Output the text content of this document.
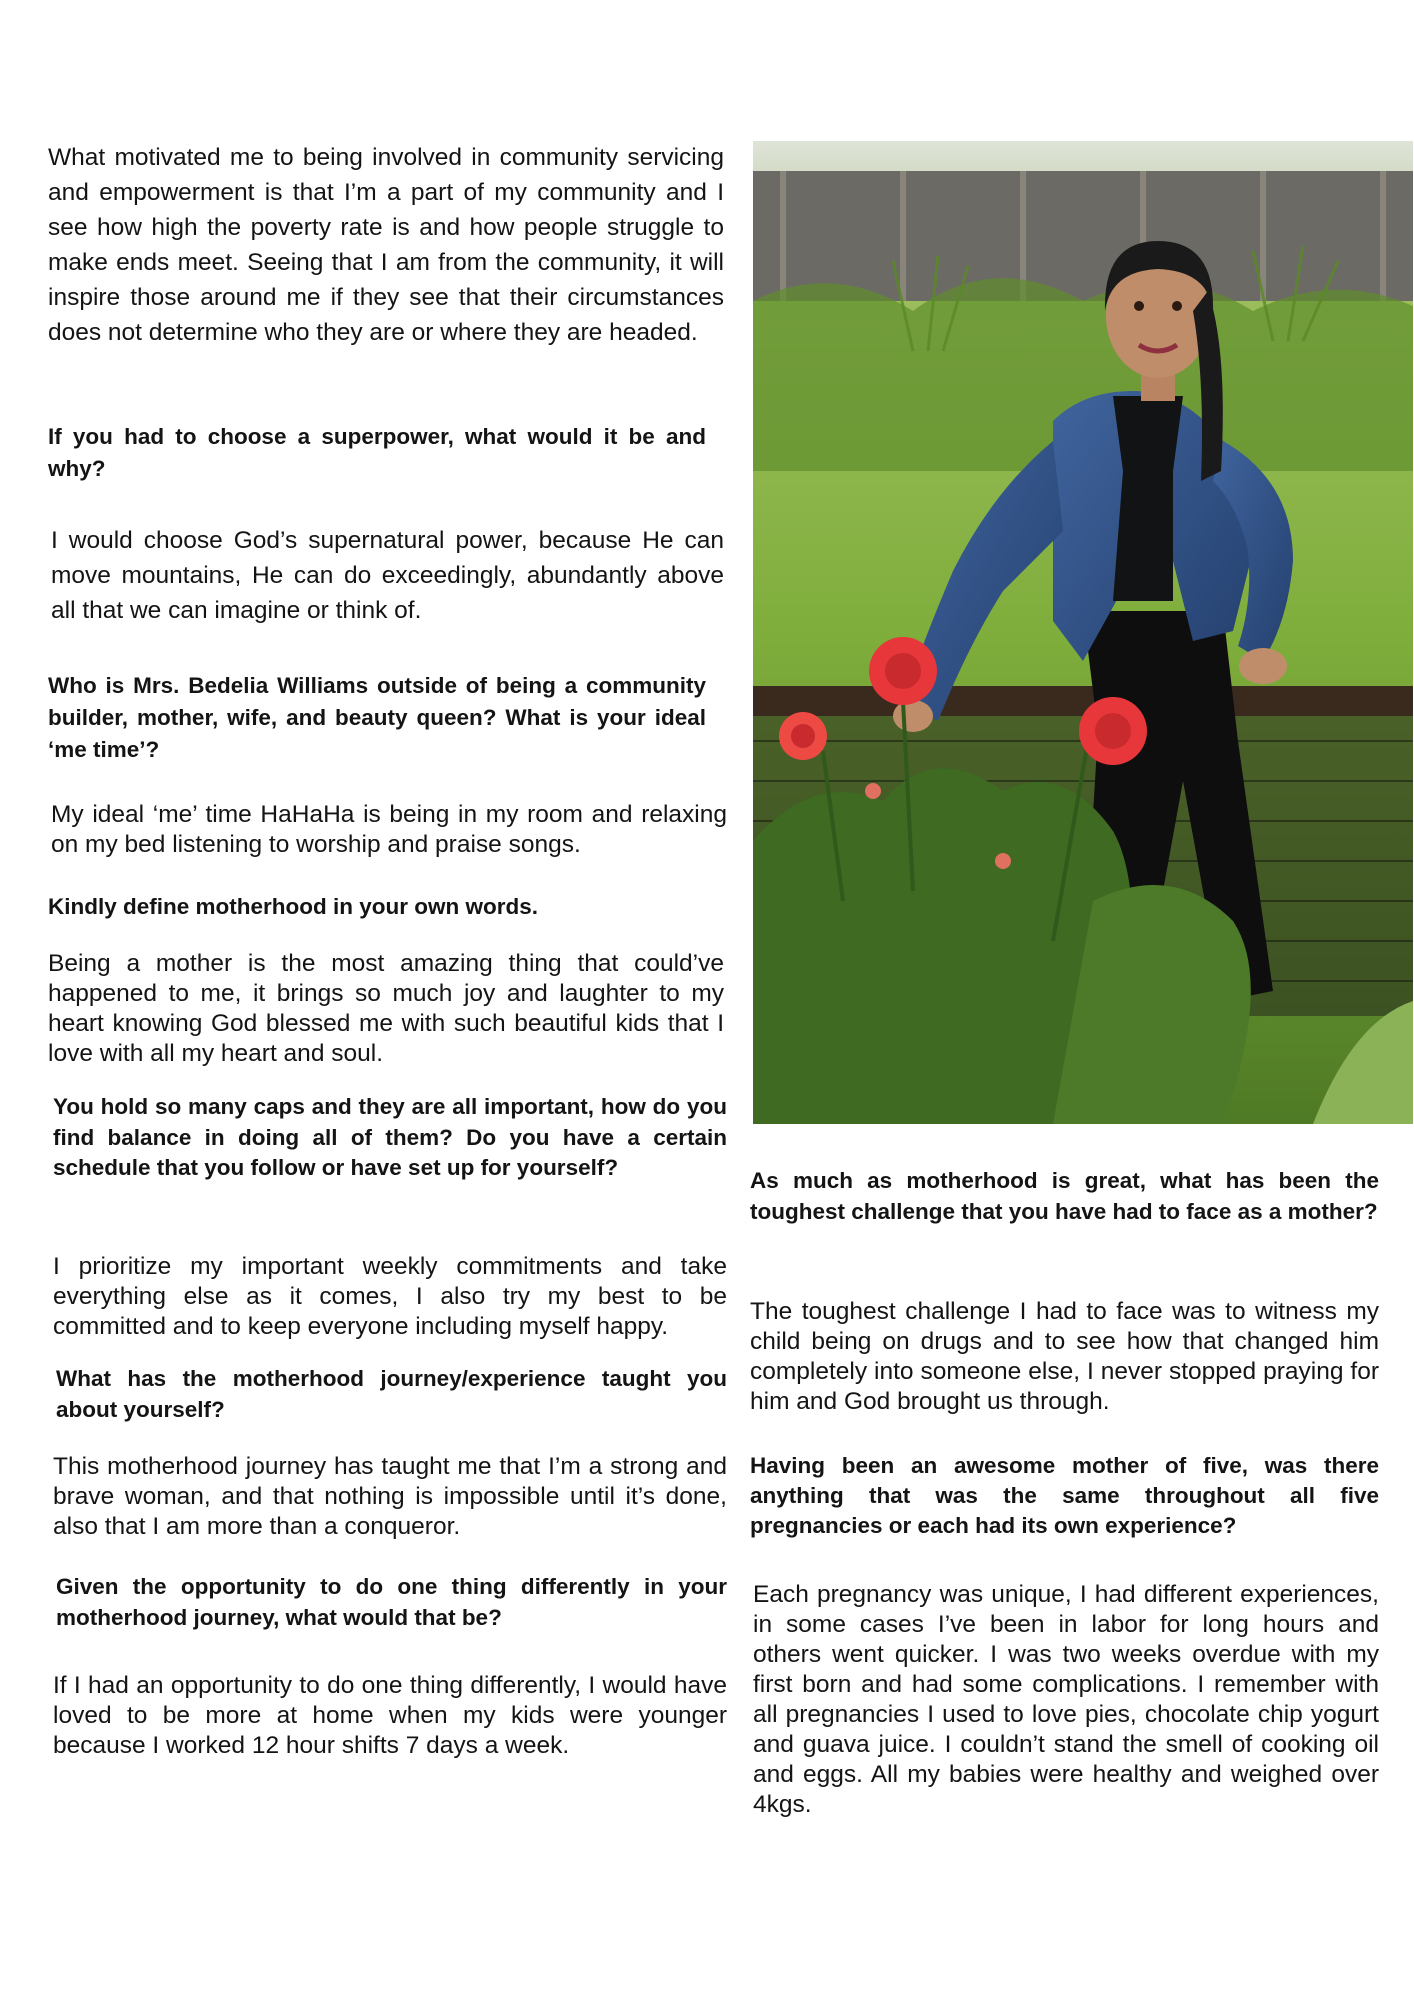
What motivated me to being involved in community servicing and empowerment is that I’m a part of my community and I see how high the poverty rate is and how people struggle to make ends meet. Seeing that I am from the community, it will inspire those around me if they see that their circumstances does not determine who they are or where they are headed.

If you had to choose a superpower, what would it be and why?

I would choose God’s supernatural power, because He can move mountains, He can do exceedingly, abundantly above all that we can imagine or think of.

Who is Mrs. Bedelia Williams outside of being a community builder, mother, wife, and beauty queen? What is your ideal ‘me time’?

My ideal ‘me’ time HaHaHa is being in my room and relaxing on my bed listening to worship and praise songs.

Kindly define motherhood in your own words.

Being a mother is the most amazing thing that could’ve happened to me, it brings so much joy and laughter to my heart knowing God blessed me with such beautiful kids that I love with all my heart and soul.

You hold so many caps and they are all important, how do you find balance in doing all of them? Do you have a certain schedule that you follow or have set up for yourself?

I prioritize my important weekly commitments and take everything else as it comes, I also try my best to be committed and to keep everyone including myself happy.

What has the motherhood journey/experience taught you about yourself?

This motherhood journey has taught me that I’m a strong and brave woman, and that nothing is impossible until it’s done, also that I am more than a conqueror.

Given the opportunity to do one thing differently in your motherhood journey, what would that be?

If I had an opportunity to do one thing differently, I would have loved to be more at home when my kids were younger because I worked 12 hour shifts 7 days a week.

As much as motherhood is great, what has been the toughest challenge that you have had to face as a mother?

The toughest challenge I had to face was to witness my child being on drugs and to see how that changed him completely into someone else, I never stopped praying for him and God brought us through.

Having been an awesome mother of five, was there anything that was the same throughout all five pregnancies or each had its own experience?

Each pregnancy was unique, I had different experiences, in some cases I’ve been in labor for long hours and others went quicker. I was two weeks overdue with my first born and had some complications. I remember with all pregnancies I used to love pies, chocolate chip yogurt and guava juice. I couldn’t stand the smell of cooking oil and eggs. All my babies were healthy and weighed over 4kgs.
